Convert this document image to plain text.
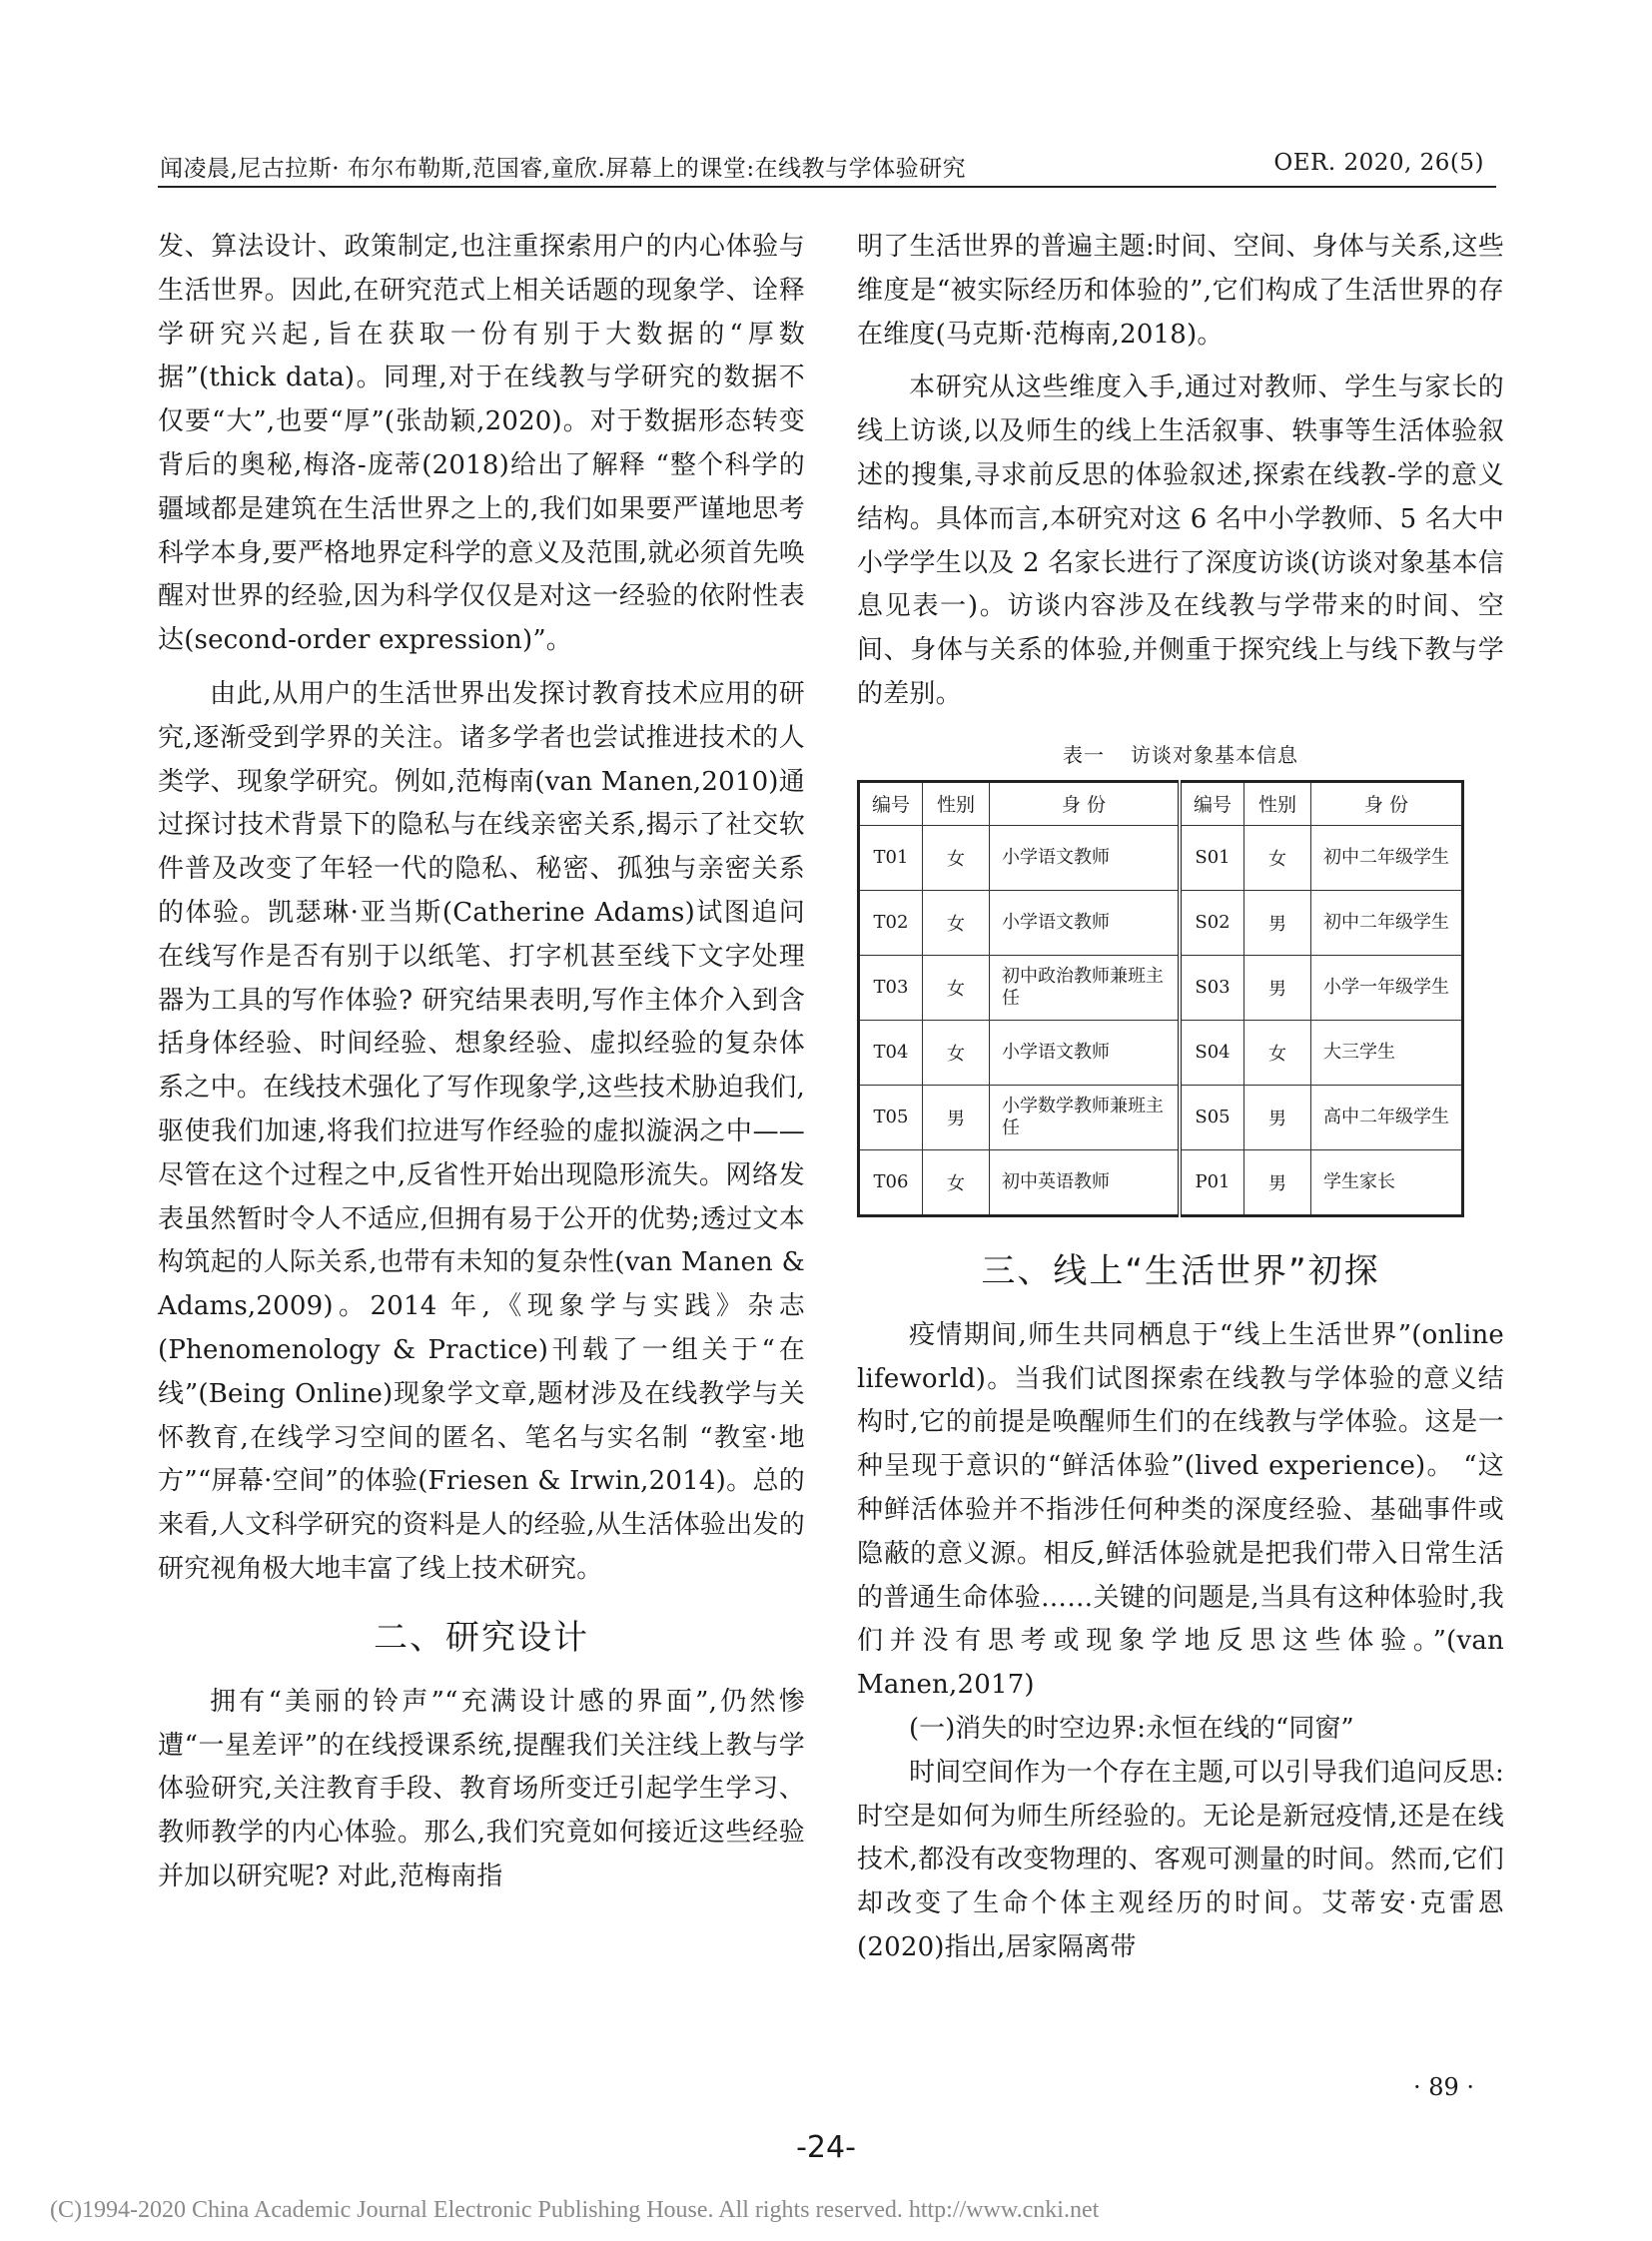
闻凌晨,尼古拉斯· 布尔布勒斯,范国睿,童欣.屏幕上的课堂:在线教与学体验研究	OER. 2020, 26(5)

发、算法设计、政策制定,也注重探索用户的内心体验与生活世界。因此,在研究范式上相关话题的现象学、诠释学研究兴起,旨在获取一份有别于大数据的“厚数据”(thick data)。同理,对于在线教与学研究的数据不仅要“大”,也要“厚”(张劼颖,2020)。对于数据形态转变背后的奥秘,梅洛-庞蒂(2018)给出了解释 “整个科学的疆域都是建筑在生活世界之上的,我们如果要严谨地思考科学本身,要严格地界定科学的意义及范围,就必须首先唤醒对世界的经验,因为科学仅仅是对这一经验的依附性表达(second-order expression)”。

由此,从用户的生活世界出发探讨教育技术应用的研究,逐渐受到学界的关注。诸多学者也尝试推进技术的人类学、现象学研究。例如,范梅南(van Manen,2010)通过探讨技术背景下的隐私与在线亲密关系,揭示了社交软件普及改变了年轻一代的隐私、秘密、孤独与亲密关系的体验。凯瑟琳·亚当斯(Catherine Adams)试图追问在线写作是否有别于以纸笔、打字机甚至线下文字处理器为工具的写作体验? 研究结果表明,写作主体介入到含括身体经验、时间经验、想象经验、虚拟经验的复杂体系之中。在线技术强化了写作现象学,这些技术胁迫我们,驱使我们加速,将我们拉进写作经验的虚拟漩涡之中——尽管在这个过程之中,反省性开始出现隐形流失。网络发表虽然暂时令人不适应,但拥有易于公开的优势;透过文本构筑起的人际关系,也带有未知的复杂性(van Manen & Adams,2009)。2014 年,《现象学与实践》杂志(Phenomenology & Practice)刊载了一组关于“在线”(Being Online)现象学文章,题材涉及在线教学与关怀教育,在线学习空间的匿名、笔名与实名制 “教室·地方”“屏幕·空间”的体验(Friesen & Irwin,2014)。总的来看,人文科学研究的资料是人的经验,从生活体验出发的研究视角极大地丰富了线上技术研究。

二、研究设计

拥有“美丽的铃声”“充满设计感的界面”,仍然惨遭“一星差评”的在线授课系统,提醒我们关注线上教与学体验研究,关注教育手段、教育场所变迁引起学生学习、教师教学的内心体验。那么,我们究竟如何接近这些经验并加以研究呢? 对此,范梅南指

明了生活世界的普遍主题:时间、空间、身体与关系,这些维度是“被实际经历和体验的”,它们构成了生活世界的存在维度(马克斯·范梅南,2018)。

本研究从这些维度入手,通过对教师、学生与家长的线上访谈,以及师生的线上生活叙事、轶事等生活体验叙述的搜集,寻求前反思的体验叙述,探索在线教-学的意义结构。具体而言,本研究对这 6 名中小学教师、5 名大中小学学生以及 2 名家长进行了深度访谈(访谈对象基本信息见表一)。访谈内容涉及在线教与学带来的时间、空间、身体与关系的体验,并侧重于探究线上与线下教与学的差别。

表一 访谈对象基本信息
编号	性别	身 份	编号	性别	身 份
T01	女	小学语文教师	S01	女	初中二年级学生
T02	女	小学语文教师	S02	男	初中二年级学生
T03	女	初中政治教师兼班主任	S03	男	小学一年级学生
T04	女	小学语文教师	S04	女	大三学生
T05	男	小学数学教师兼班主任	S05	男	高中二年级学生
T06	女	初中英语教师	P01	男	学生家长
三、线上“生活世界”初探

疫情期间,师生共同栖息于“线上生活世界”(online lifeworld)。当我们试图探索在线教与学体验的意义结构时,它的前提是唤醒师生们的在线教与学体验。这是一种呈现于意识的“鲜活体验”(lived experience)。 “这种鲜活体验并不指涉任何种类的深度经验、基础事件或隐蔽的意义源。相反,鲜活体验就是把我们带入日常生活的普通生命体验……关键的问题是,当具有这种体验时,我们并没有思考或现象学地反思这些体验。”(van Manen,2017)

(一)消失的时空边界:永恒在线的“同窗”

时间空间作为一个存在主题,可以引导我们追问反思:时空是如何为师生所经验的。无论是新冠疫情,还是在线技术,都没有改变物理的、客观可测量的时间。然而,它们却改变了生命个体主观经历的时间。艾蒂安·克雷恩(2020)指出,居家隔离带

· 89 ·
-24-
(C)1994-2020 China Academic Journal Electronic Publishing House. All rights reserved. http://www.cnki.net
